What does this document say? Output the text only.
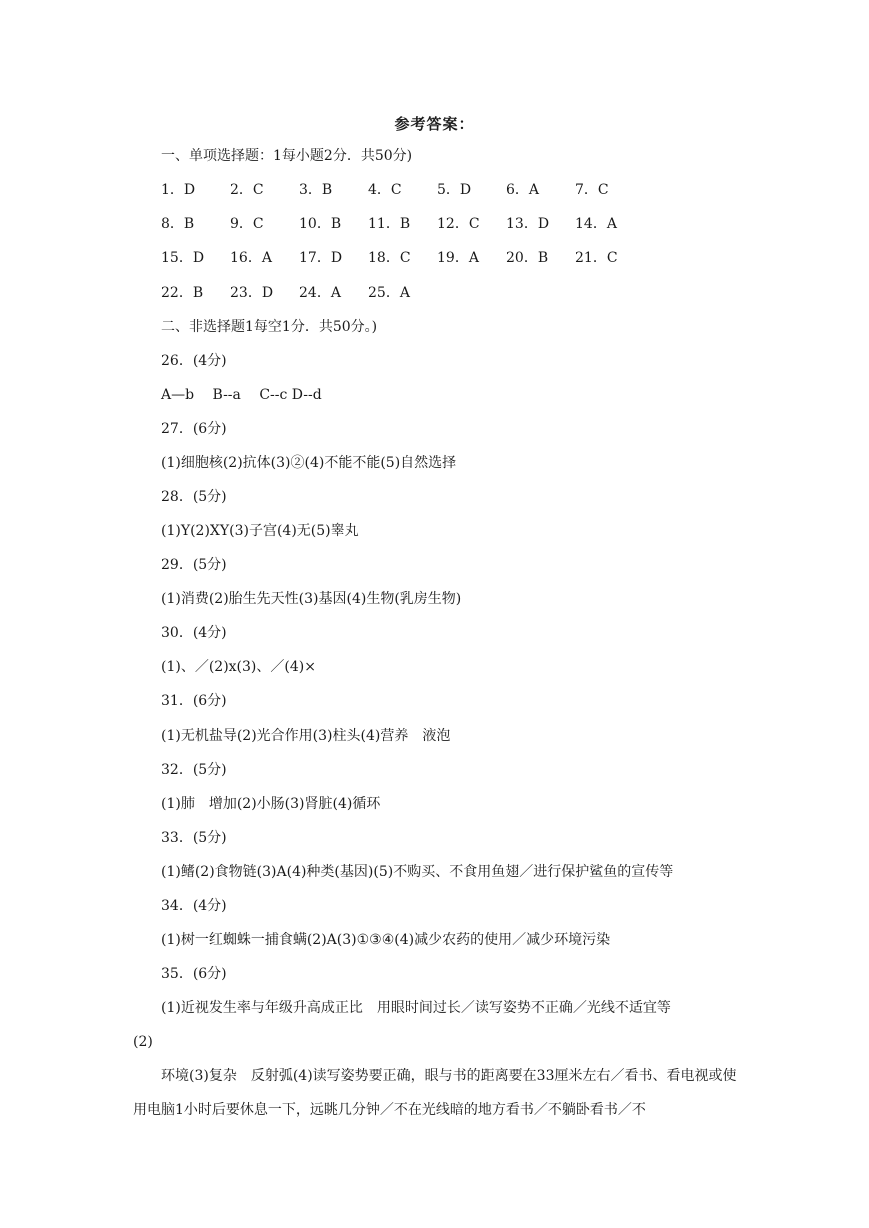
参考答案：
一、单项选择题：1每小题2分．共50分)
1．D	2．C	3．B	4．C	5．D	6．A	7．C
8．B	9．C	10．B	11．B	12．C	13．D	14．A
15．D	16．A	17．D	18．C	19．A	20．B	21．C
22．B	23．D	24．A	25．A
二、非选择题1每空1分．共50分。)
26．(4分)
A—b　 B--a　 C--c D--d
27．(6分)
(1)细胞核(2)抗体(3)②(4)不能不能(5)自然选择
28．(5分)
(1)Y(2)XY(3)子宫(4)无(5)睾丸
29．(5分)
(1)消费(2)胎生先天性(3)基因(4)生物(乳房生物)
30．(4分)
(1)、／(2)x(3)、／(4)×
31．(6分)
(1)无机盐导(2)光合作用(3)柱头(4)营养　液泡
32．(5分)
(1)肺　增加(2)小肠(3)肾脏(4)循环
33．(5分)
(1)鳍(2)食物链(3)A(4)种类(基因)(5)不购买、不食用鱼翅／进行保护鲨鱼的宣传等
34．(4分)
(1)树一红蜘蛛一捕食螨(2)A(3)①③④(4)减少农药的使用／减少环境污染
35．(6分)
(1)近视发生率与年级升高成正比　用眼时间过长／读写姿势不正确／光线不适宜等
(2)
环境(3)复杂　反射弧(4)读写姿势要正确，眼与书的距离要在33厘米左右／看书、看电视或使用电脑1小时后要休息一下，远眺几分钟／不在光线暗的地方看书／不躺卧看书／不
